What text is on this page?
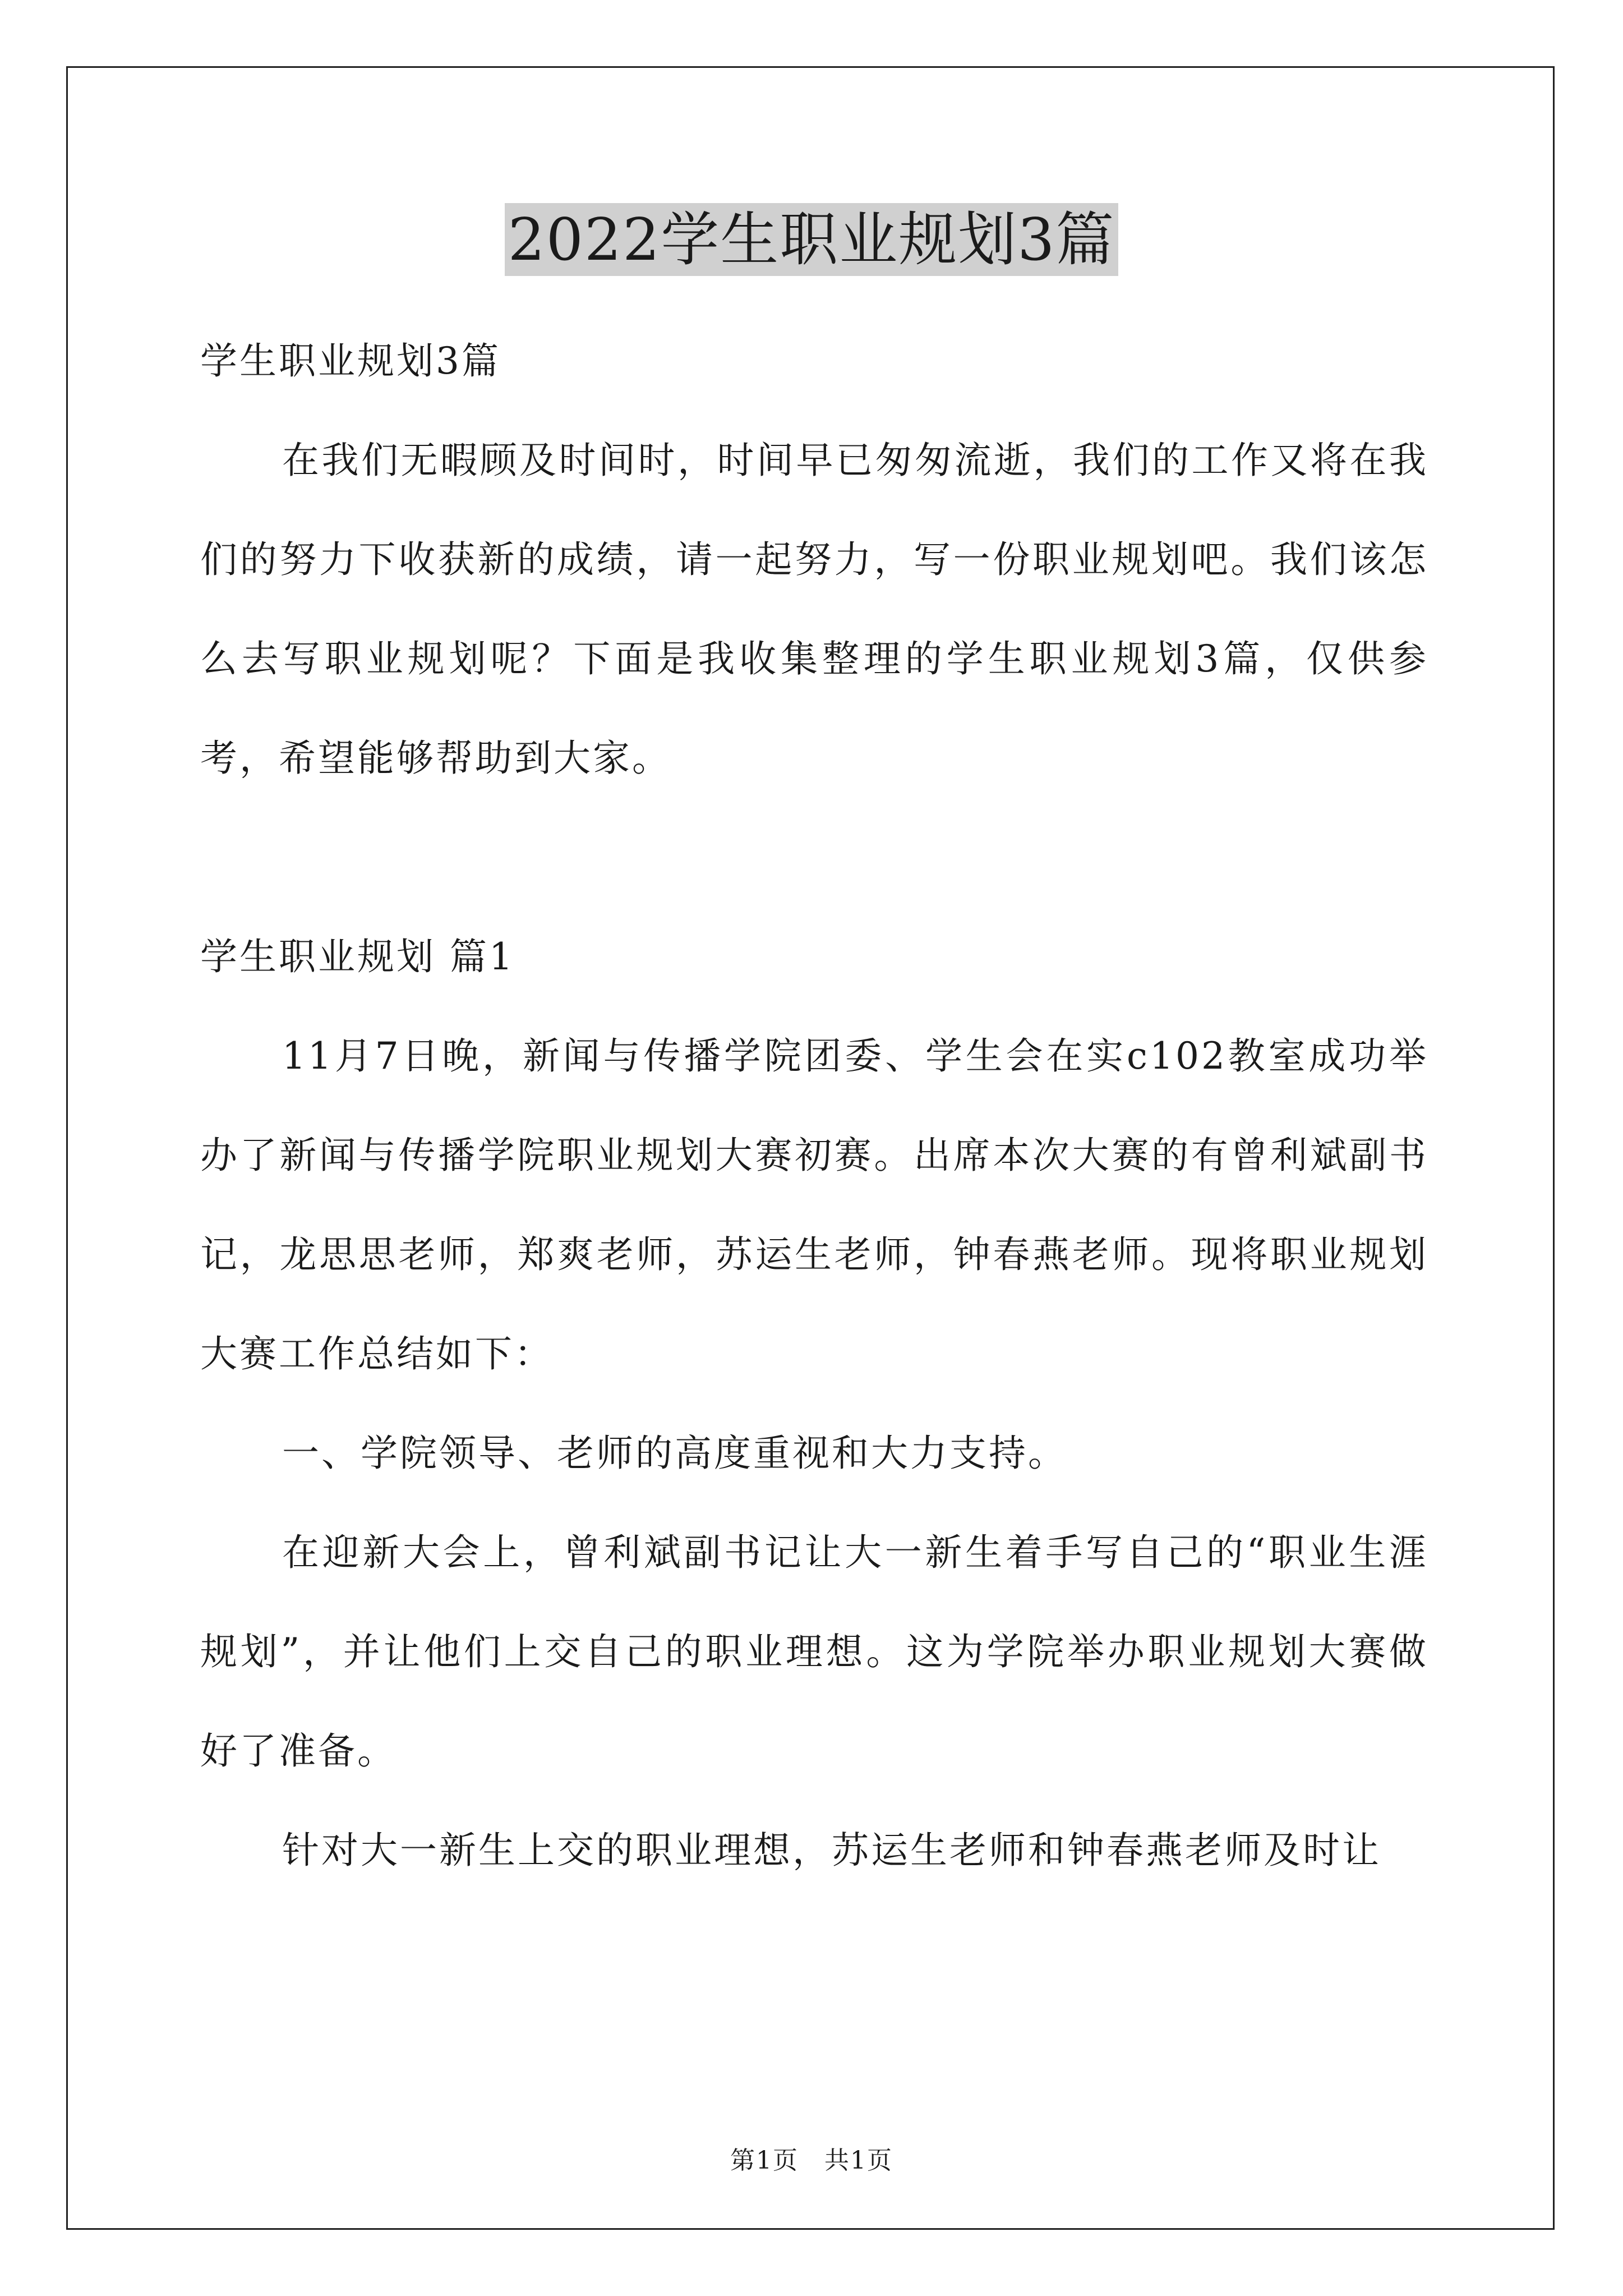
2022学生职业规划3篇

学生职业规划3篇

在我们无暇顾及时间时，时间早已匆匆流逝，我们的工作又将在我们的努力下收获新的成绩，请一起努力，写一份职业规划吧。我们该怎么去写职业规划呢？下面是我收集整理的学生职业规划3篇，仅供参考，希望能够帮助到大家。

学生职业规划 篇1

11月7日晚，新闻与传播学院团委、学生会在实c102教室成功举办了新闻与传播学院职业规划大赛初赛。出席本次大赛的有曾利斌副书记，龙思思老师，郑爽老师，苏运生老师，钟春燕老师。现将职业规划大赛工作总结如下：

一、学院领导、老师的高度重视和大力支持。

在迎新大会上，曾利斌副书记让大一新生着手写自己的“职业生涯规划”，并让他们上交自己的职业理想。这为学院举办职业规划大赛做好了准备。

针对大一新生上交的职业理想，苏运生老师和钟春燕老师及时让

第1页　共1页
